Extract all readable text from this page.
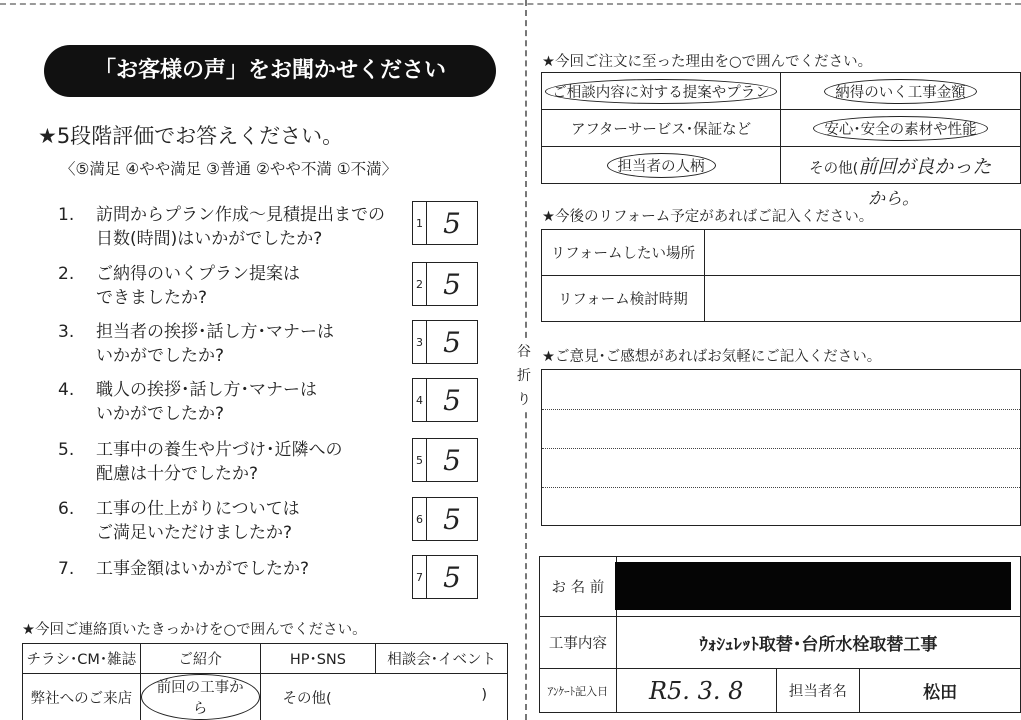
谷
折
り
「お客様の声」をお聞かせください
★5段階評価でお答えください。
〈⑤満足 ④やや満足 ③普通 ②やや不満 ①不満〉
1.	訪問からプラン作成～見積提出までの
日数(時間)はいかがでしたか?
1 5
2.	ご納得のいくプラン提案は
できましたか?
2 5
3.	担当者の挨拶･話し方･マナーは
いかがでしたか?
3 5
4.	職人の挨拶･話し方･マナーは
いかがでしたか?
4 5
5.	工事中の養生や片づけ･近隣への
配慮は十分でしたか?
5 5
6.	工事の仕上がりについては
ご満足いただけましたか?
6 5
7.	工事金額はいかがでしたか?	7 5
★今回ご連絡頂いたきっかけを○で囲んでください。
チラシ･CM･雑誌	ご紹介	HP･SNS	相談会･イベント
弊社へのご来店	前回の工事から	その他( )	
★今回ご注文に至った理由を○で囲んでください。
ご相談内容に対する提案やプラン	納得のいく工事金額
アフターサービス･保証など	安心･安全の素材や性能
担当者の人柄	その他(前回が良かった
から。
★今後のリフォーム予定があればご記入ください。
リフォームしたい場所	
リフォーム検討時期	
★ご意見･ご感想があればお気軽にご記入ください。
お 名 前			
工事内容	ｳｫｼｭﾚｯﾄ取替･台所水栓取替工事		
ｱﾝｹｰﾄ記入日	R5. 3. 8	担当者名	松田
